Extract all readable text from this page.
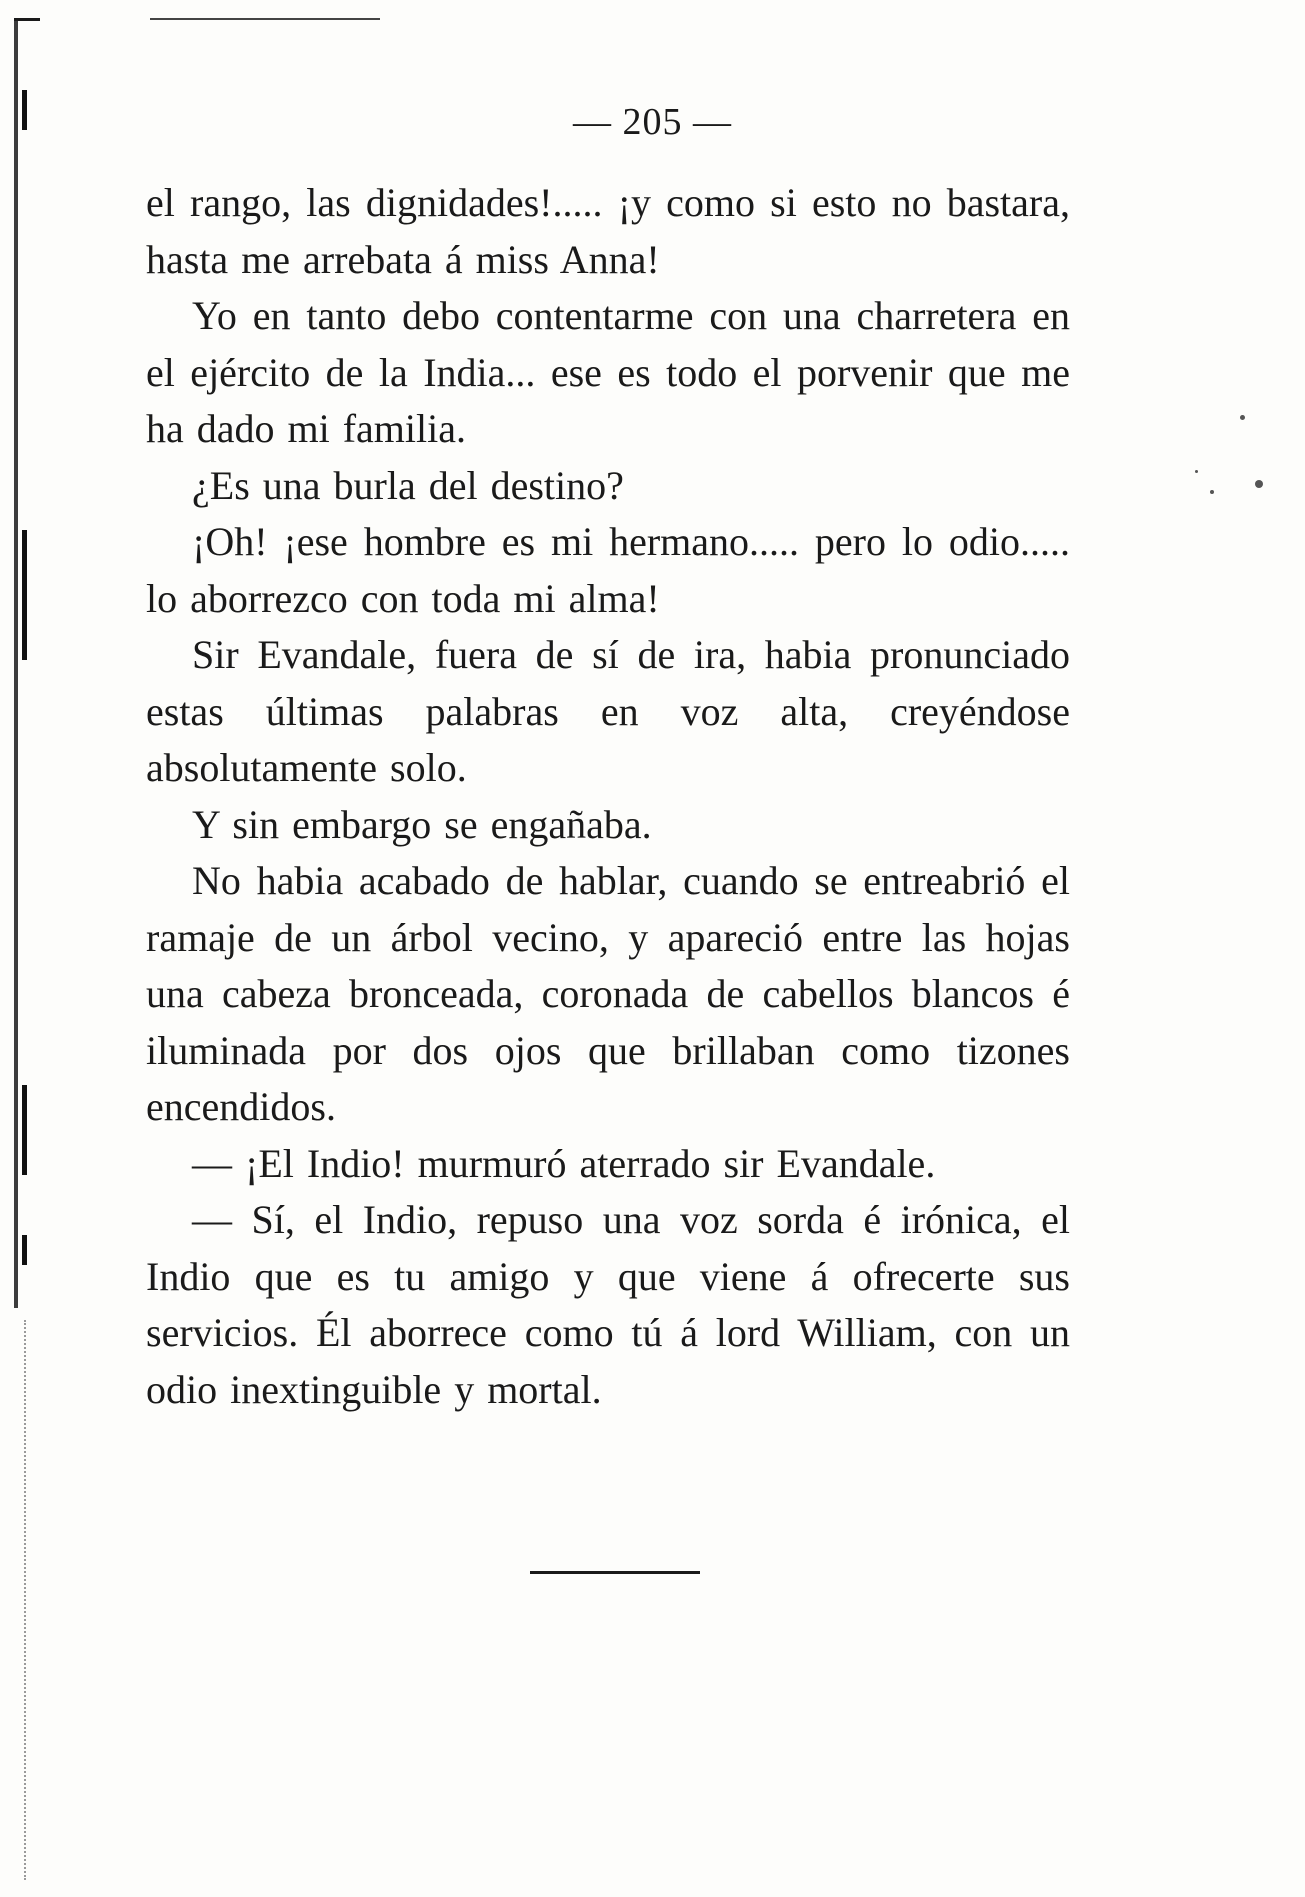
— 205 —

el rango, las dignidades!..... ¡y como si esto no bastara, hasta me arrebata á miss Anna!

Yo en tanto debo contentarme con una charretera en el ejército de la India... ese es todo el porvenir que me ha dado mi familia.

¿Es una burla del destino?

¡Oh! ¡ese hombre es mi hermano..... pero lo odio..... lo aborrezco con toda mi alma!

Sir Evandale, fuera de sí de ira, habia pronunciado estas últimas palabras en voz alta, creyéndose absolutamente solo.

Y sin embargo se engañaba.

No habia acabado de hablar, cuando se entreabrió el ramaje de un árbol vecino, y apareció entre las hojas una cabeza bronceada, coronada de cabellos blancos é iluminada por dos ojos que brillaban como tizones encendidos.

— ¡El Indio! murmuró aterrado sir Evandale.

— Sí, el Indio, repuso una voz sorda é irónica, el Indio que es tu amigo y que viene á ofrecerte sus servicios. Él aborrece como tú á lord William, con un odio inextinguible y mortal.
